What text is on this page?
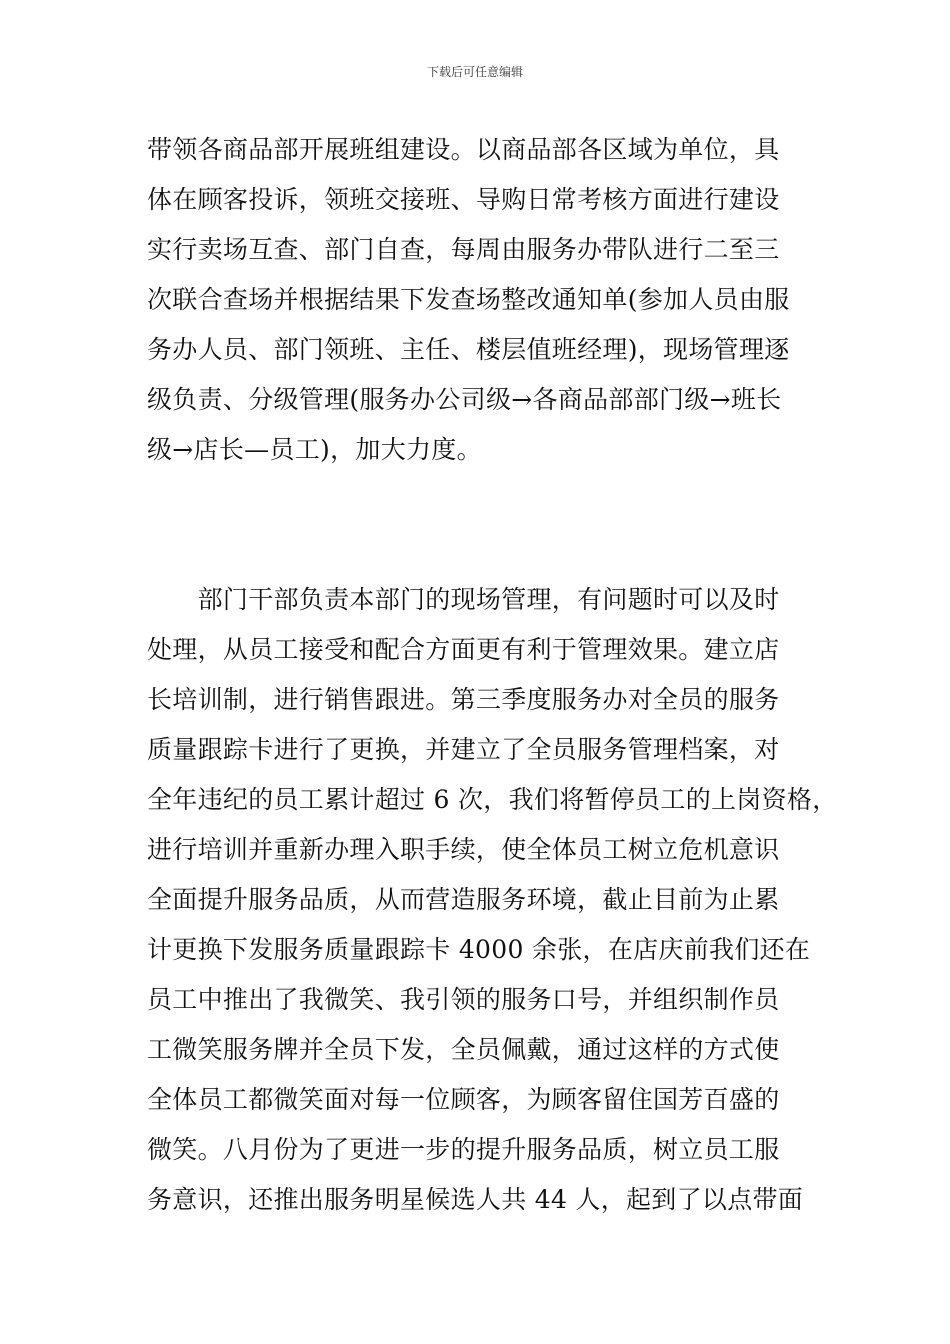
下载后可任意编辑
带领各商品部开展班组建设。以商品部各区域为单位，具
体在顾客投诉，领班交接班、导购日常考核方面进行建设
实行卖场互查、部门自查，每周由服务办带队进行二至三
次联合查场并根据结果下发查场整改通知单(参加人员由服
务办人员、部门领班、主任、楼层值班经理)，现场管理逐
级负责、分级管理(服务办公司级→各商品部部门级→班长
级→店长—员工)，加大力度。
　　部门干部负责本部门的现场管理，有问题时可以及时
处理，从员工接受和配合方面更有利于管理效果。建立店
长培训制，进行销售跟进。第三季度服务办对全员的服务
质量跟踪卡进行了更换，并建立了全员服务管理档案，对
全年违纪的员工累计超过 6 次，我们将暂停员工的上岗资格，
进行培训并重新办理入职手续，使全体员工树立危机意识
全面提升服务品质，从而营造服务环境，截止目前为止累
计更换下发服务质量跟踪卡 4000 余张，在店庆前我们还在
员工中推出了我微笑、我引领的服务口号，并组织制作员
工微笑服务牌并全员下发，全员佩戴，通过这样的方式使
全体员工都微笑面对每一位顾客，为顾客留住国芳百盛的
微笑。八月份为了更进一步的提升服务品质，树立员工服
务意识，还推出服务明星候选人共 44 人，起到了以点带面
